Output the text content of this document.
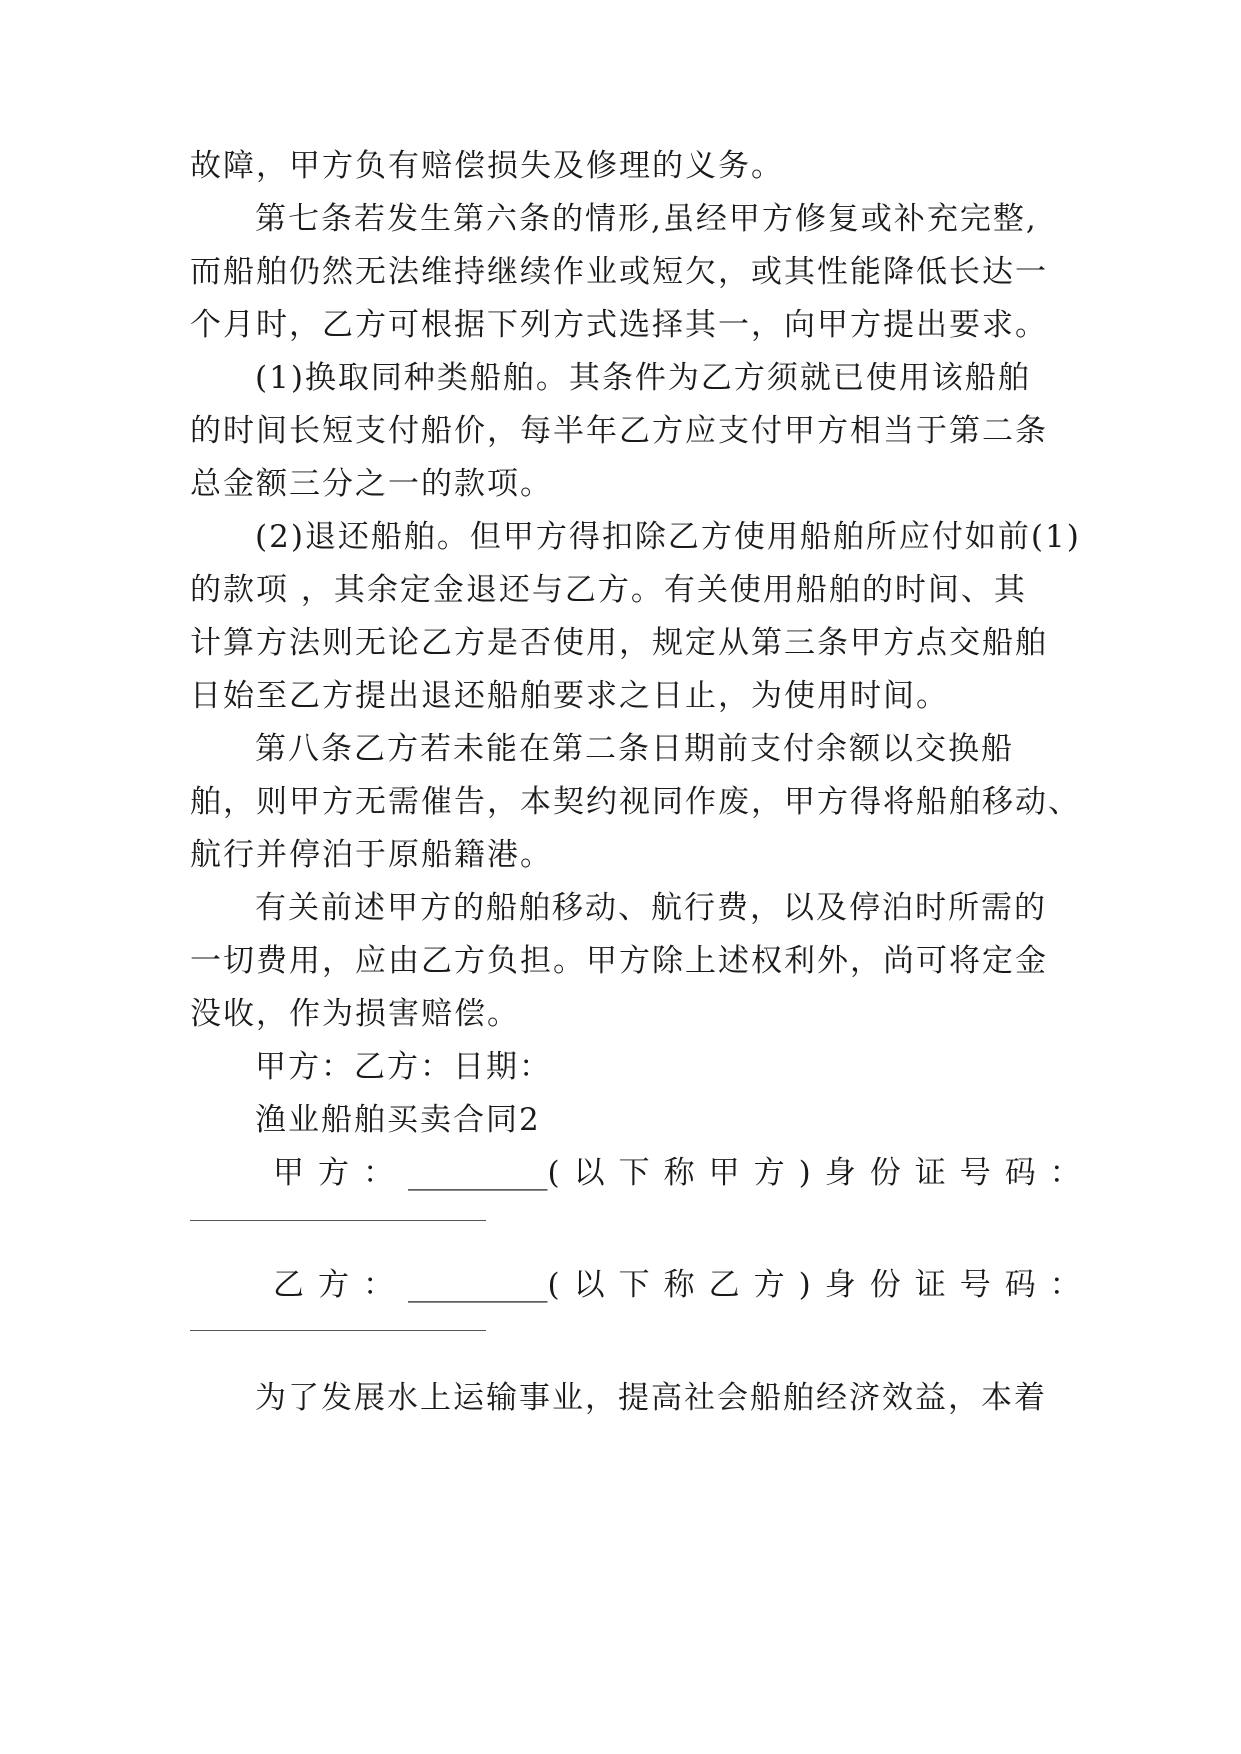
故障，甲方负有赔偿损失及修理的义务。
第七条若发生第六条的情形,虽经甲方修复或补充完整,
而船舶仍然无法维持继续作业或短欠，或其性能降低长达一
个月时，乙方可根据下列方式选择其一，向甲方提出要求。
(1)换取同种类船舶。其条件为乙方须就已使用该船舶
的时间长短支付船价，每半年乙方应支付甲方相当于第二条
总金额三分之一的款项。
(2)退还船舶。但甲方得扣除乙方使用船舶所应付如前(1)
的款项 ，其余定金退还与乙方。有关使用船舶的时间、其
计算方法则无论乙方是否使用，规定从第三条甲方点交船舶
日始至乙方提出退还船舶要求之日止，为使用时间。
第八条乙方若未能在第二条日期前支付余额以交换船
舶，则甲方无需催告，本契约视同作废，甲方得将船舶移动、
航行并停泊于原船籍港。
有关前述甲方的船舶移动、航行费，以及停泊时所需的
一切费用，应由乙方负担。甲方除上述权利外，尚可将定金
没收，作为损害赔偿。
甲方：乙方：日期：
渔业船舶买卖合同2
甲方：_________(以下称甲方)身份证号码：
乙方：_________(以下称乙方)身份证号码：
为了发展水上运输事业，提高社会船舶经济效益，本着
